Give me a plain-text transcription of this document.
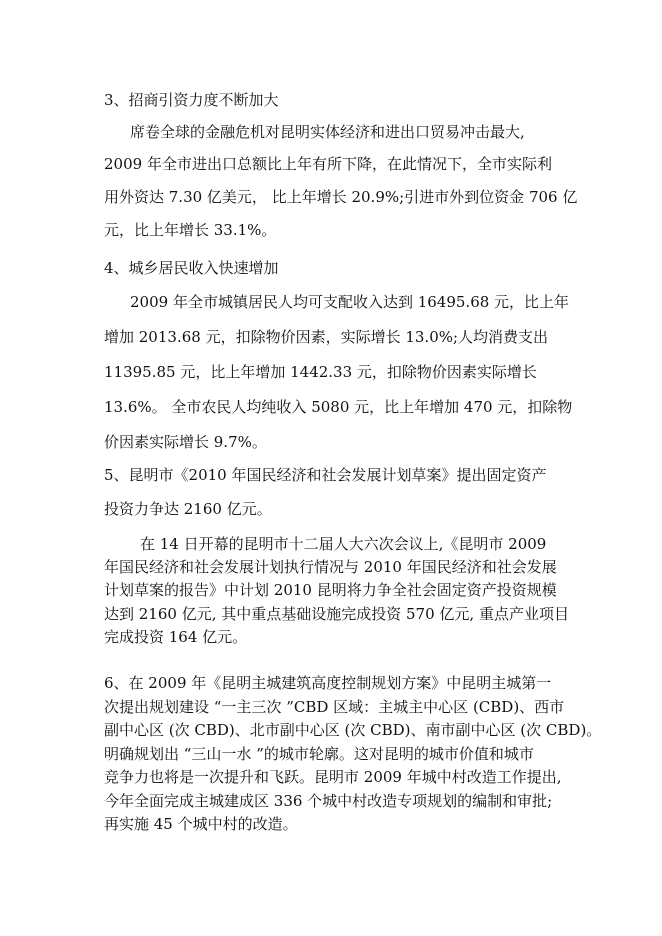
3、招商引资力度不断加大
席卷全球的金融危机对昆明实体经济和进出口贸易冲击最大,
2009 年全市进出口总额比上年有所下降，在此情况下，全市实际利
用外资达 7.30 亿美元， 比上年增长 20.9%;引进市外到位资金 706 亿
元，比上年增长 33.1%。
4、城乡居民收入快速增加
2009 年全市城镇居民人均可支配收入达到 16495.68 元，比上年
增加 2013.68 元，扣除物价因素，实际增长 13.0%;人均消费支出
11395.85 元，比上年增加 1442.33 元，扣除物价因素实际增长
13.6%。 全市农民人均纯收入 5080 元，比上年增加 470 元，扣除物
价因素实际增长 9.7%。
5、昆明市《2010 年国民经济和社会发展计划草案》提出固定资产
投资力争达 2160 亿元。
在 14 日开幕的昆明市十二届人大六次会议上,《昆明市 2009
年国民经济和社会发展计划执行情况与 2010 年国民经济和社会发展
计划草案的报告》中计划 2010 昆明将力争全社会固定资产投资规模
达到 2160 亿元, 其中重点基础设施完成投资 570 亿元, 重点产业项目
完成投资 164 亿元。
6、在 2009 年《昆明主城建筑高度控制规划方案》中昆明主城第一
次提出规划建设 “一主三次 ”CBD 区域：主城主中心区 (CBD)、西市
副中心区 (次 CBD)、北市副中心区 (次 CBD)、南市副中心区 (次 CBD)。
明确规划出 “三山一水 ”的城市轮廓。这对昆明的城市价值和城市
竞争力也将是一次提升和飞跃。昆明市 2009 年城中村改造工作提出,
今年全面完成主城建成区 336 个城中村改造专项规划的编制和审批;
再实施 45 个城中村的改造。
